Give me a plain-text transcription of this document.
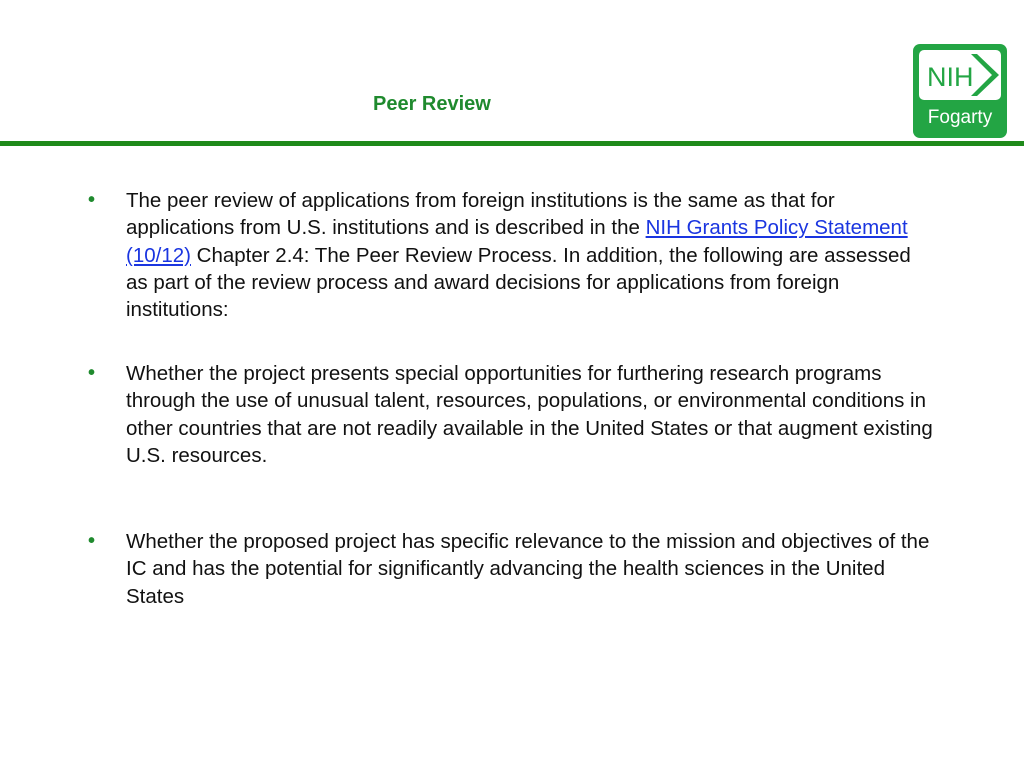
Peer Review
NIH
Fogarty
• The peer review of applications from foreign institutions is the same as that for applications from U.S. institutions and is described in the NIH Grants Policy Statement (10/12) Chapter 2.4: The Peer Review Process. In addition, the following are assessed as part of the review process and award decisions for applications from foreign institutions:
• Whether the project presents special opportunities for furthering research programs through the use of unusual talent, resources, populations, or environmental conditions in other countries that are not readily available in the United States or that augment existing U.S. resources.
• Whether the proposed project has specific relevance to the mission and objectives of the IC and has the potential for significantly advancing the health sciences in the United States
